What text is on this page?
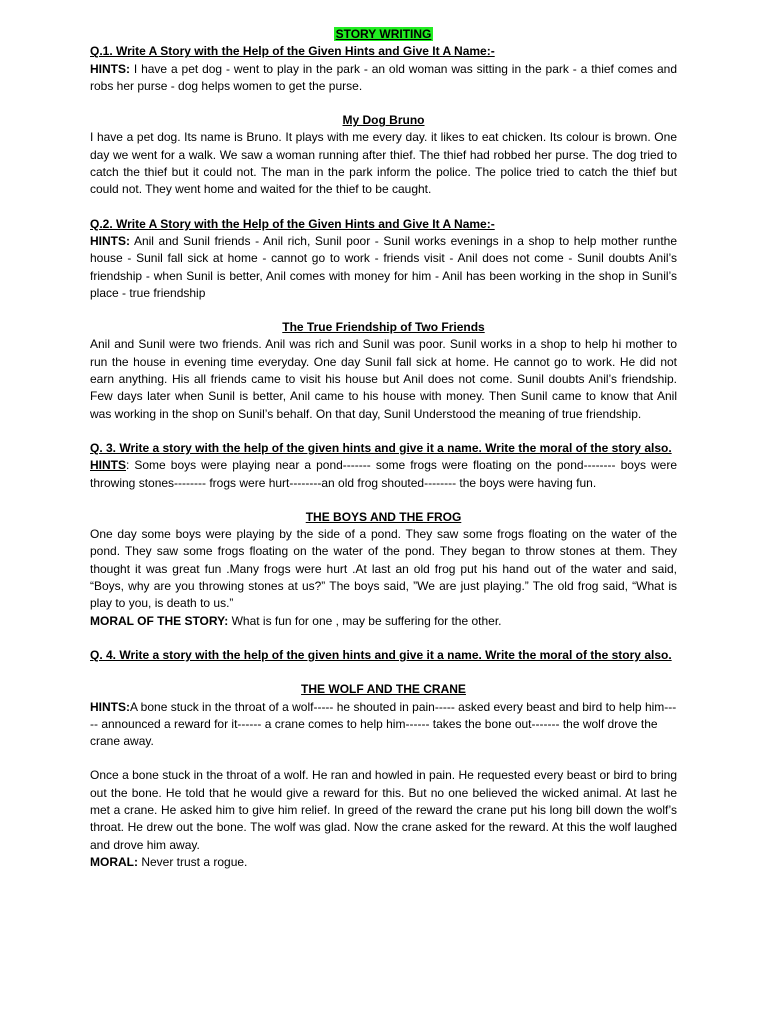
STORY WRITING

Q.1. Write A Story with the Help of the Given Hints and Give It A Name:-

HINTS: I have a pet dog - went to play in the park - an old woman was sitting in the park - a thief comes and robs her purse - dog helps women to get the purse.

My Dog Bruno

I have a pet dog. Its name is Bruno. It plays with me every day. it likes to eat chicken. Its colour is brown. One day we went for a walk. We saw a woman running after thief. The thief had robbed her purse. The dog tried to catch the thief but it could not. The man in the park inform the police. The police tried to catch the thief but could not. They went home and waited for the thief to be caught.

Q.2. Write A Story with the Help of the Given Hints and Give It A Name:-

HINTS: Anil and Sunil friends - Anil rich, Sunil poor - Sunil works evenings in a shop to help mother runthe house - Sunil fall sick at home - cannot go to work - friends visit - Anil does not come - Sunil doubts Anil’s friendship - when Sunil is better, Anil comes with money for him - Anil has been working in the shop in Sunil’s place - true friendship

The True Friendship of Two Friends

Anil and Sunil were two friends. Anil was rich and Sunil was poor. Sunil works in a shop to help hi mother to run the house in evening time everyday. One day Sunil fall sick at home. He cannot go to work. He did not earn anything. His all friends came to visit his house but Anil does not come. Sunil doubts Anil’s friendship. Few days later when Sunil is better, Anil came to his house with money. Then Sunil came to know that Anil was working in the shop on Sunil’s behalf. On that day, Sunil Understood the meaning of true friendship.

Q. 3. Write a story with the help of the given hints and give it a name. Write the moral of the story also.

HINTS: Some boys were playing near a pond------- some frogs were floating on the pond-------- boys were throwing stones-------- frogs were hurt--------an old frog shouted-------- the boys were having fun.

THE BOYS AND THE FROG

One day some boys were playing by the side of a pond. They saw some frogs floating on the water of the pond. They saw some frogs floating on the water of the pond. They began to throw stones at them. They thought it was great fun .Many frogs were hurt .At last an old frog put his hand out of the water and said, “Boys, why are you throwing stones at us?” The boys said, ”We are just playing.” The old frog said, “What is play to you, is death to us.”

MORAL OF THE STORY: What is fun for one , may be suffering for the other.

Q. 4. Write a story with the help of the given hints and give it a name. Write the moral of the story also.

THE WOLF AND THE CRANE

HINTS:A bone stuck in the throat of a wolf----- he shouted in pain----- asked every beast and bird to help him----- announced a reward for it------ a crane comes to help him------ takes the bone out------- the wolf drove the crane away.

Once a bone stuck in the throat of a wolf. He ran and howled in pain. He requested every beast or bird to bring out the bone. He told that he would give a reward for this. But no one believed the wicked animal. At last he met a crane. He asked him to give him relief. In greed of the reward the crane put his long bill down the wolf’s throat. He drew out the bone. The wolf was glad. Now the crane asked for the reward. At this the wolf laughed and drove him away.

MORAL: Never trust a rogue.
